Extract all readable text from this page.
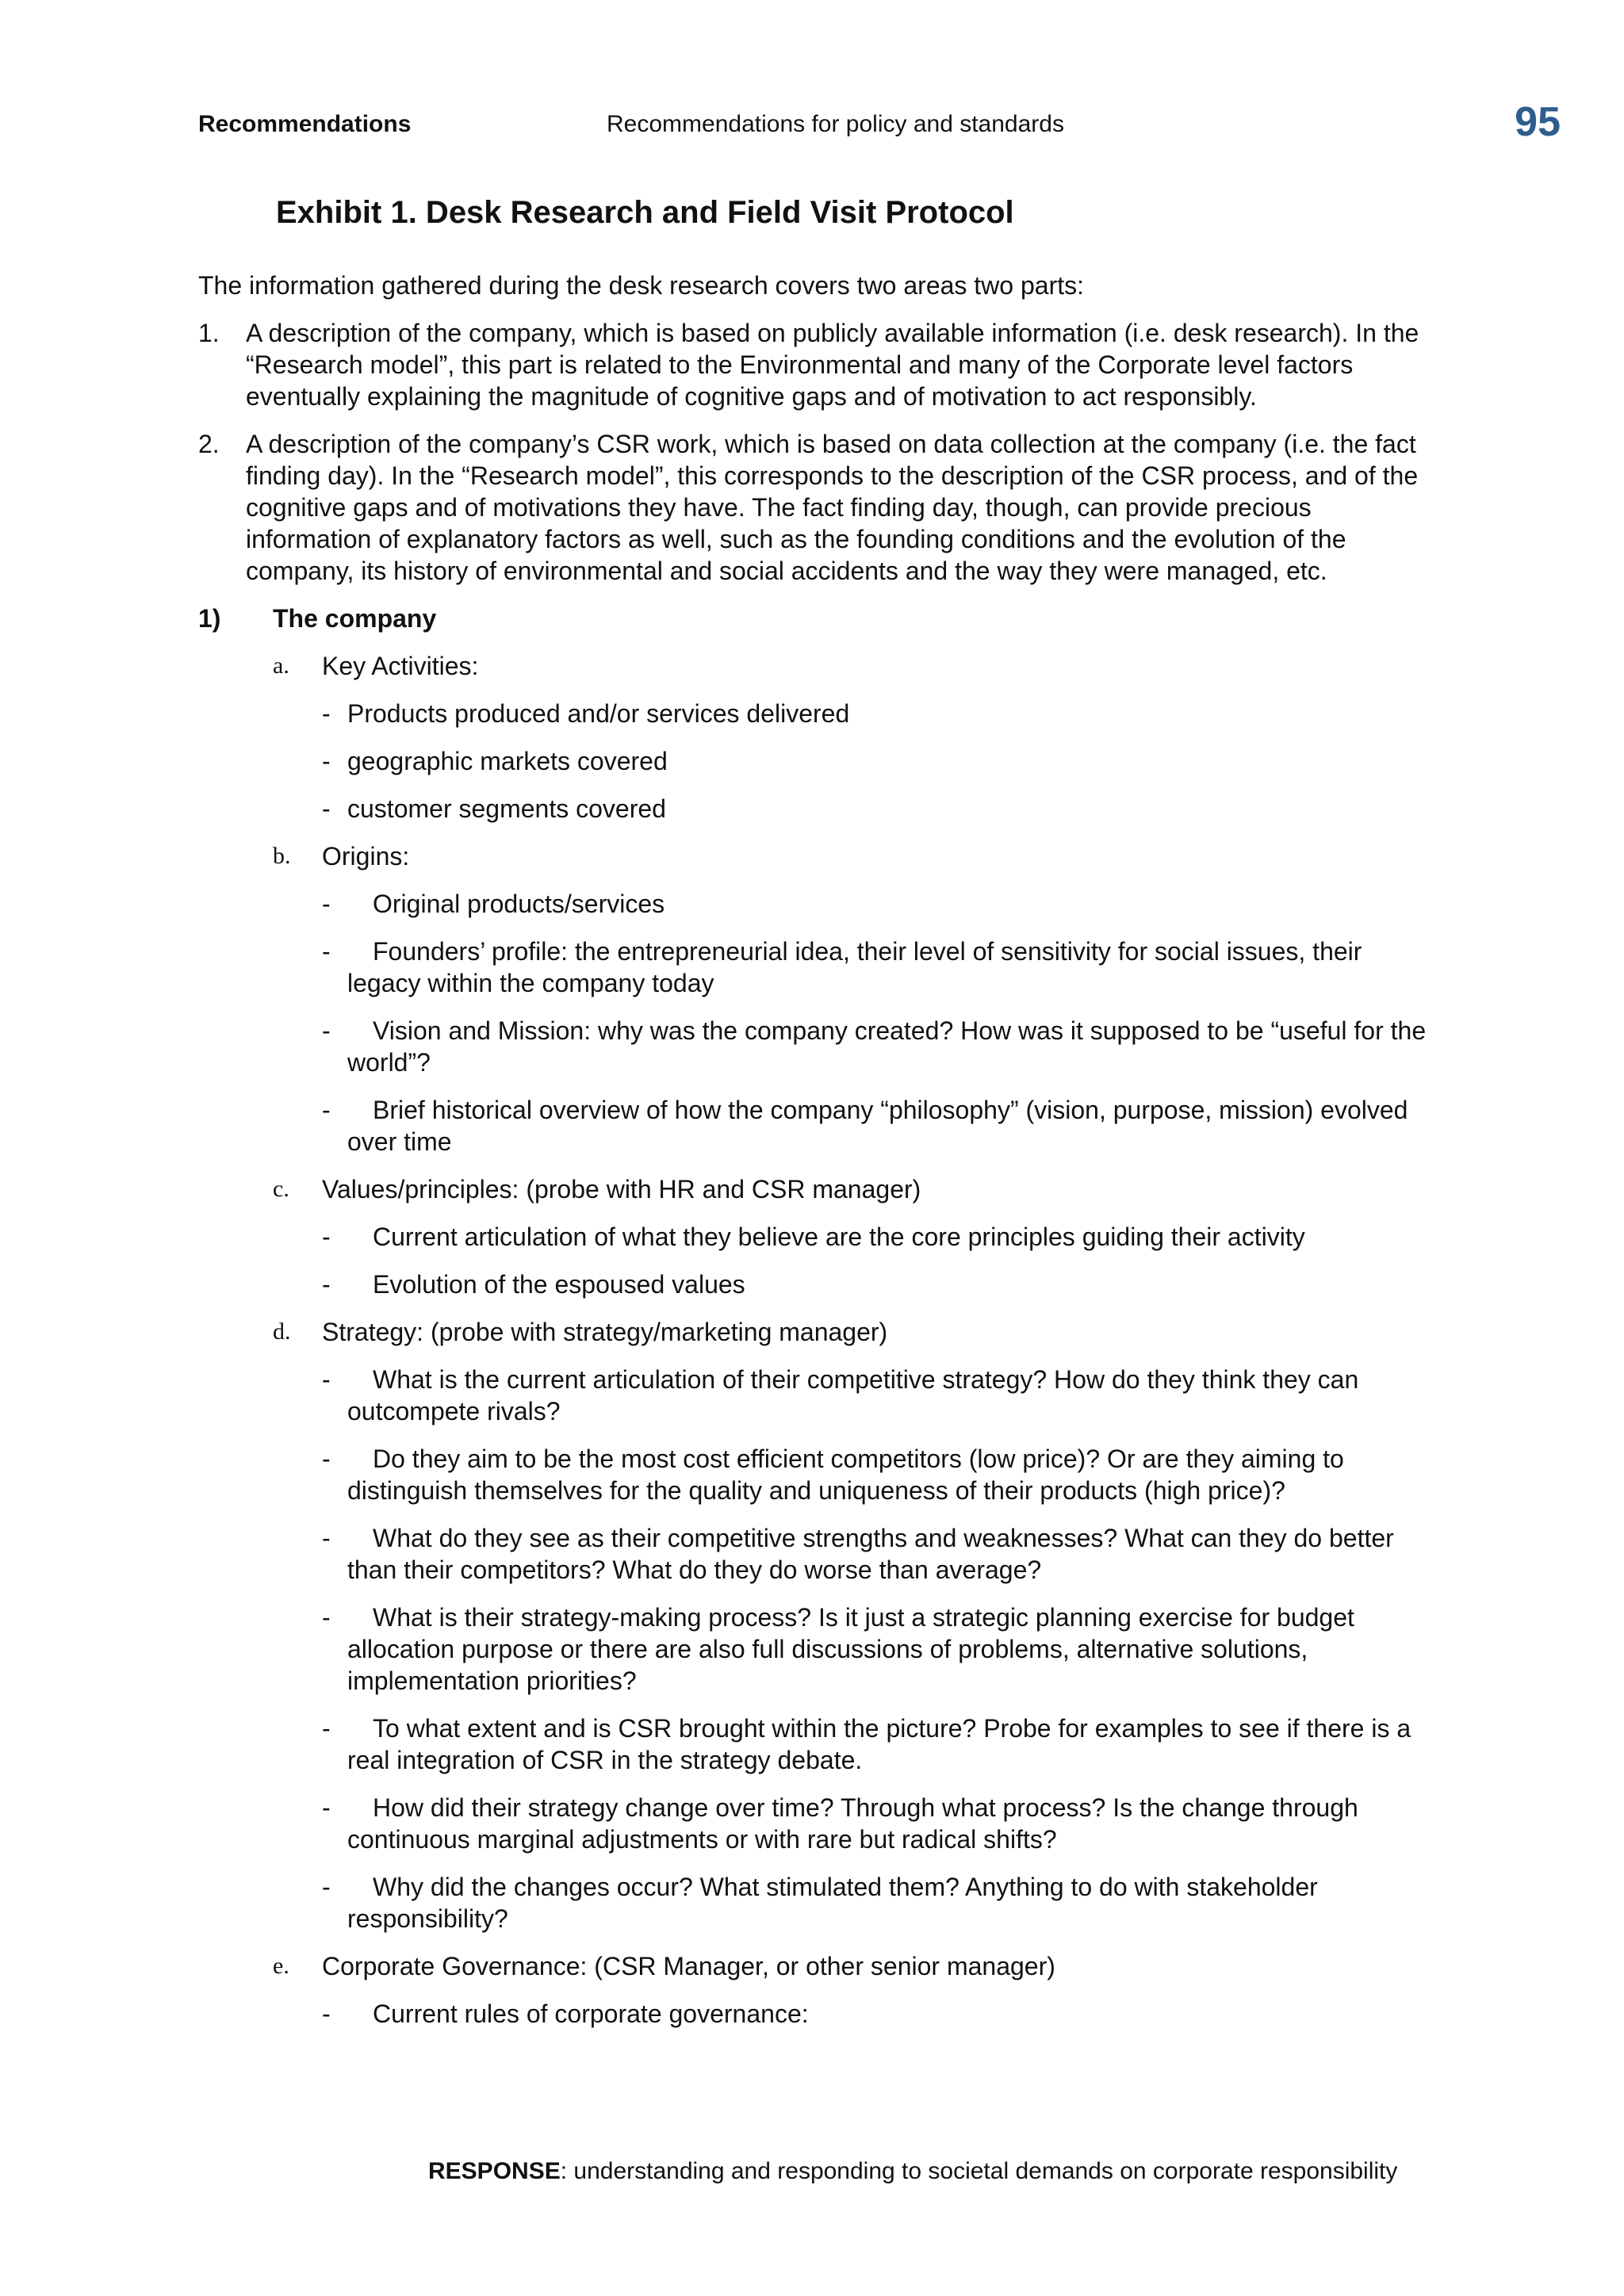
Recommendations	Recommendations for policy and standards	95
Exhibit 1. Desk Research and Field Visit Protocol
The information gathered during the desk research covers two areas two parts:
1.	A description of the company, which is based on publicly available information (i.e. desk research). In the “Research model”, this part is related to the Environmental and many of the Corporate level factors eventually explaining the magnitude of cognitive gaps and of motivation to act responsibly.
2.	A description of the company’s CSR work, which is based on data collection at the company (i.e. the fact finding day). In the “Research model”, this corresponds to the description of the CSR process, and of the cognitive gaps and of motivations they have. The fact finding day, though, can provide precious information of explanatory factors as well, such as the founding conditions and the evolution of the company, its history of environmental and social accidents and the way they were managed, etc.
1)	The company
a.	Key Activities:
- Products produced and/or services delivered
- geographic markets covered
- customer segments covered
b.	Origins:
- Original products/services
- Founders’ profile: the entrepreneurial idea, their level of sensitivity for social issues, their legacy within the company today
- Vision and Mission: why was the company created? How was it supposed to be “useful for the world”?
- Brief historical overview of how the company “philosophy” (vision, purpose, mission) evolved over time
c.	Values/principles: (probe with HR and CSR manager)
- Current articulation of what they believe are the core principles guiding their activity
- Evolution of the espoused values
d.	Strategy: (probe with strategy/marketing manager)
- What is the current articulation of their competitive strategy? How do they think they can outcompete rivals?
- Do they aim to be the most cost efficient competitors (low price)? Or are they aiming to distinguish themselves for the quality and uniqueness of their products (high price)?
- What do they see as their competitive strengths and weaknesses? What can they do better than their competitors? What do they do worse than average?
- What is their strategy-making process? Is it just a strategic planning exercise for budget allocation purpose or there are also full discussions of problems, alternative solutions, implementation priorities?
- To what extent and is CSR brought within the picture? Probe for examples to see if there is a real integration of CSR in the strategy debate.
- How did their strategy change over time? Through what process? Is the change through continuous marginal adjustments or with rare but radical shifts?
- Why did the changes occur? What stimulated them? Anything to do with stakeholder responsibility?
e.	Corporate Governance: (CSR Manager, or other senior manager)
- Current rules of corporate governance:
RESPONSE: understanding and responding to societal demands on corporate responsibility
